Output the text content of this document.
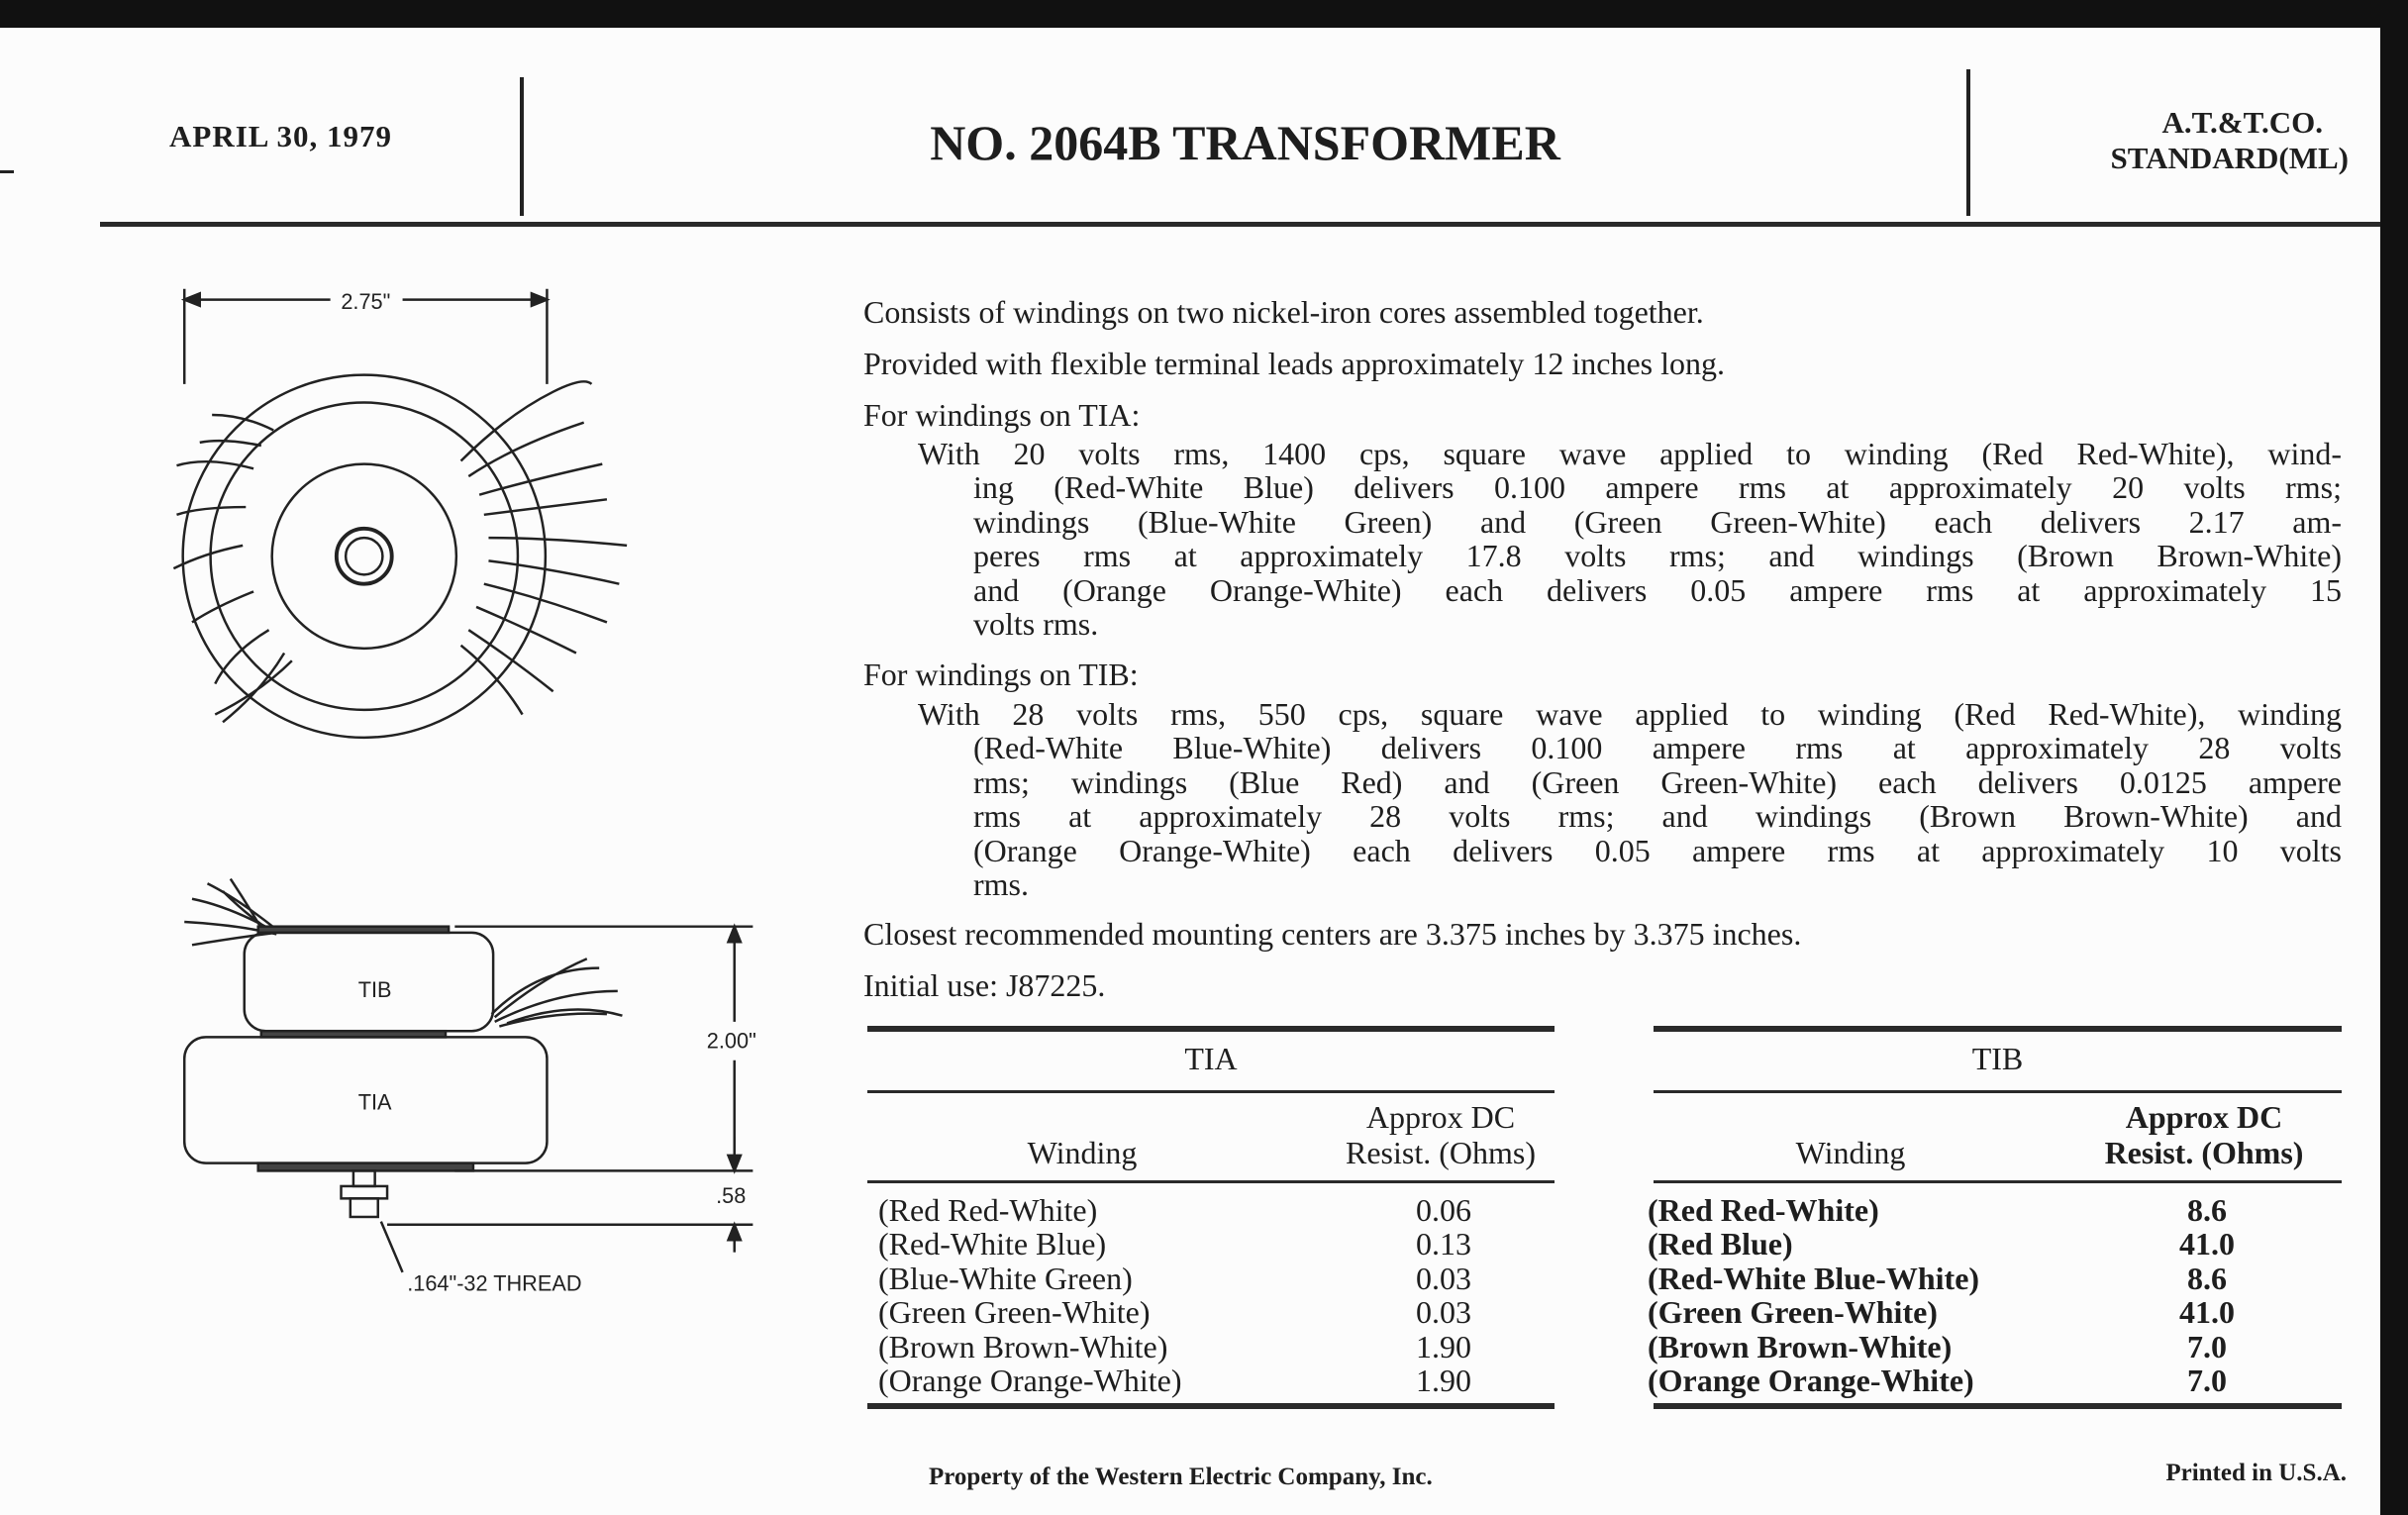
APRIL 30, 1979	NO. 2064B TRANSFORMER	A.T.&T.CO.
STANDARD(ML)
2.75"
TIB
TIA
2.00"
.58
.164"-32 THREAD
Consists of windings on two nickel-iron cores assembled together.
Provided with flexible terminal leads approximately 12 inches long.
For windings on TIA:
With 20 volts rms, 1400 cps, square wave applied to winding (Red Red-White), wind-
ing (Red-White Blue) delivers 0.100 ampere rms at approximately 20 volts rms;
windings (Blue-White Green) and (Green Green-White) each delivers 2.17 am-
peres rms at approximately 17.8 volts rms; and windings (Brown Brown-White)
and (Orange Orange-White) each delivers 0.05 ampere rms at approximately 15
volts rms.
For windings on TIB:
With 28 volts rms, 550 cps, square wave applied to winding (Red Red-White), winding
(Red-White Blue-White) delivers 0.100 ampere rms at approximately 28 volts
rms; windings (Blue Red) and (Green Green-White) each delivers 0.0125 ampere
rms at approximately 28 volts rms; and windings (Brown Brown-White) and
(Orange Orange-White) each delivers 0.05 ampere rms at approximately 10 volts
rms.
Closest recommended mounting centers are 3.375 inches by 3.375 inches.
Initial use: J87225.
TIA
Winding
Approx DC
Resist. (Ohms)
(Red Red-White)	0.06
(Red-White Blue)	0.13
(Blue-White Green)	0.03
(Green Green-White)	0.03
(Brown Brown-White)	1.90
(Orange Orange-White)	1.90
TIB
Winding
Approx DC
Resist. (Ohms)
(Red Red-White)	8.6
(Red Blue)	41.0
(Red-White Blue-White)	8.6
(Green Green-White)	41.0
(Brown Brown-White)	7.0
(Orange Orange-White)	7.0
Property of the Western Electric Company, Inc.	Printed in U.S.A.
